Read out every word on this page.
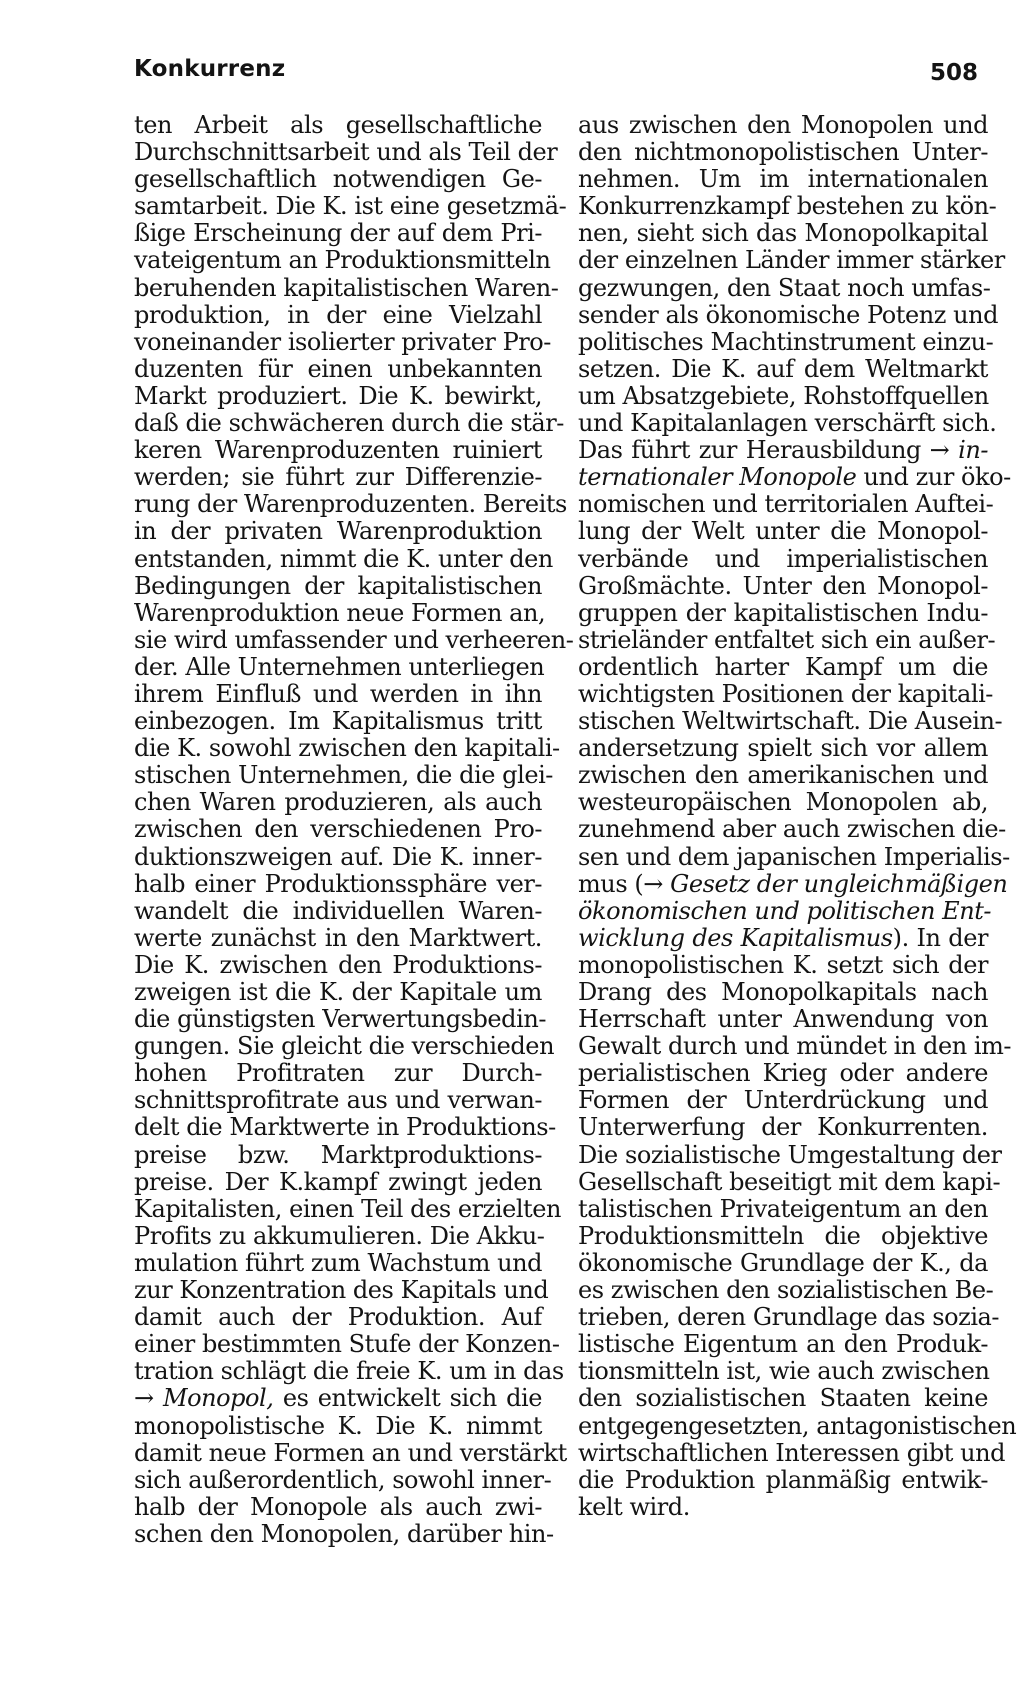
Konkurrenz	508
ten Arbeit als gesellschaftliche
Durchschnittsarbeit und als Teil der
gesellschaftlich notwendigen Ge-
samtarbeit. Die K. ist eine gesetzmä-
ßige Erscheinung der auf dem Pri-
vateigentum an Produktionsmitteln
beruhenden kapitalistischen Waren-
produktion, in der eine Vielzahl
voneinander isolierter privater Pro-
duzenten für einen unbekannten
Markt produziert. Die K. bewirkt,
daß die schwächeren durch die stär-
keren Warenproduzenten ruiniert
werden; sie führt zur Differenzie-
rung der Warenproduzenten. Bereits
in der privaten Warenproduktion
entstanden, nimmt die K. unter den
Bedingungen der kapitalistischen
Warenproduktion neue Formen an,
sie wird umfassender und verheeren-
der. Alle Unternehmen unterliegen
ihrem Einfluß und werden in ihn
einbezogen. Im Kapitalismus tritt
die K. sowohl zwischen den kapitali-
stischen Unternehmen, die die glei-
chen Waren produzieren, als auch
zwischen den verschiedenen Pro-
duktionszweigen auf. Die K. inner-
halb einer Produktionssphäre ver-
wandelt die individuellen Waren-
werte zunächst in den Marktwert.
Die K. zwischen den Produktions-
zweigen ist die K. der Kapitale um
die günstigsten Verwertungsbedin-
gungen. Sie gleicht die verschieden
hohen Profitraten zur Durch-
schnittsprofitrate aus und verwan-
delt die Marktwerte in Produktions-
preise bzw. Marktproduktions-
preise. Der K.kampf zwingt jeden
Kapitalisten, einen Teil des erzielten
Profits zu akkumulieren. Die Akku-
mulation führt zum Wachstum und
zur Konzentration des Kapitals und
damit auch der Produktion. Auf
einer bestimmten Stufe der Konzen-
tration schlägt die freie K. um in das
→ Monopol, es entwickelt sich die
monopolistische K. Die K. nimmt
damit neue Formen an und verstärkt
sich außerordentlich, sowohl inner-
halb der Monopole als auch zwi-
schen den Monopolen, darüber hin-
aus zwischen den Monopolen und
den nichtmonopolistischen Unter-
nehmen. Um im internationalen
Konkurrenzkampf bestehen zu kön-
nen, sieht sich das Monopolkapital
der einzelnen Länder immer stärker
gezwungen, den Staat noch umfas-
sender als ökonomische Potenz und
politisches Machtinstrument einzu-
setzen. Die K. auf dem Weltmarkt
um Absatzgebiete, Rohstoffquellen
und Kapitalanlagen verschärft sich.
Das führt zur Herausbildung → in-
ternationaler Monopole und zur öko-
nomischen und territorialen Auftei-
lung der Welt unter die Monopol-
verbände und imperialistischen
Großmächte. Unter den Monopol-
gruppen der kapitalistischen Indu-
strieländer entfaltet sich ein außer-
ordentlich harter Kampf um die
wichtigsten Positionen der kapitali-
stischen Weltwirtschaft. Die Ausein-
andersetzung spielt sich vor allem
zwischen den amerikanischen und
westeuropäischen Monopolen ab,
zunehmend aber auch zwischen die-
sen und dem japanischen Imperialis-
mus (→ Gesetz der ungleichmäßigen
ökonomischen und politischen Ent-
wicklung des Kapitalismus). In der
monopolistischen K. setzt sich der
Drang des Monopolkapitals nach
Herrschaft unter Anwendung von
Gewalt durch und mündet in den im-
perialistischen Krieg oder andere
Formen der Unterdrückung und
Unterwerfung der Konkurrenten.
Die sozialistische Umgestaltung der
Gesellschaft beseitigt mit dem kapi-
talistischen Privateigentum an den
Produktionsmitteln die objektive
ökonomische Grundlage der K., da
es zwischen den sozialistischen Be-
trieben, deren Grundlage das sozia-
listische Eigentum an den Produk-
tionsmitteln ist, wie auch zwischen
den sozialistischen Staaten keine
entgegengesetzten, antagonistischen
wirtschaftlichen Interessen gibt und
die Produktion planmäßig entwik-
kelt wird.
